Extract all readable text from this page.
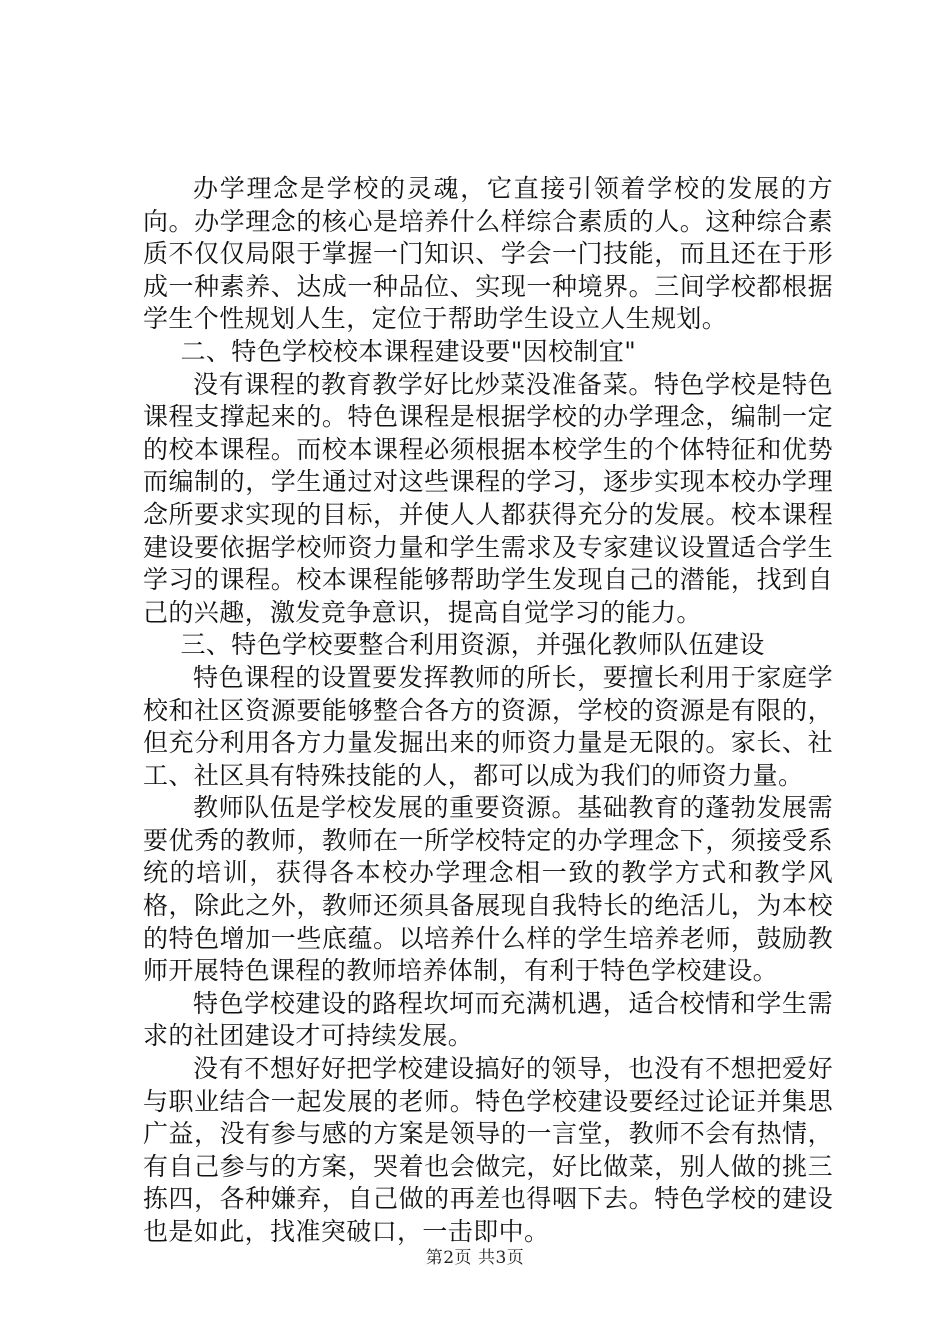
办学理念是学校的灵魂，它直接引领着学校的发展的方向。办学理念的核心是培养什么样综合素质的人。这种综合素质不仅仅局限于掌握一门知识、学会一门技能，而且还在于形成一种素养、达成一种品位、实现一种境界。三间学校都根据学生个性规划人生，定位于帮助学生设立人生规划。

二、特色学校校本课程建设要"因校制宜"

没有课程的教育教学好比炒菜没准备菜。特色学校是特色课程支撑起来的。特色课程是根据学校的办学理念，编制一定的校本课程。而校本课程必须根据本校学生的个体特征和优势而编制的，学生通过对这些课程的学习，逐步实现本校办学理念所要求实现的目标，并使人人都获得充分的发展。校本课程建设要依据学校师资力量和学生需求及专家建议设置适合学生学习的课程。校本课程能够帮助学生发现自己的潜能，找到自己的兴趣，激发竞争意识，提高自觉学习的能力。

三、特色学校要整合利用资源，并强化教师队伍建设

特色课程的设置要发挥教师的所长，要擅长利用于家庭学校和社区资源要能够整合各方的资源，学校的资源是有限的，但充分利用各方力量发掘出来的师资力量是无限的。家长、社工、社区具有特殊技能的人，都可以成为我们的师资力量。

教师队伍是学校发展的重要资源。基础教育的蓬勃发展需要优秀的教师，教师在一所学校特定的办学理念下，须接受系统的培训，获得各本校办学理念相一致的教学方式和教学风格，除此之外，教师还须具备展现自我特长的绝活儿，为本校的特色增加一些底蕴。以培养什么样的学生培养老师，鼓励教师开展特色课程的教师培养体制，有利于特色学校建设。

特色学校建设的路程坎坷而充满机遇，适合校情和学生需求的社团建设才可持续发展。

没有不想好好把学校建设搞好的领导，也没有不想把爱好与职业结合一起发展的老师。特色学校建设要经过论证并集思广益，没有参与感的方案是领导的一言堂，教师不会有热情，有自己参与的方案，哭着也会做完，好比做菜，别人做的挑三拣四，各种嫌弃，自己做的再差也得咽下去。特色学校的建设也是如此，找准突破口，一击即中。

第2页 共3页
